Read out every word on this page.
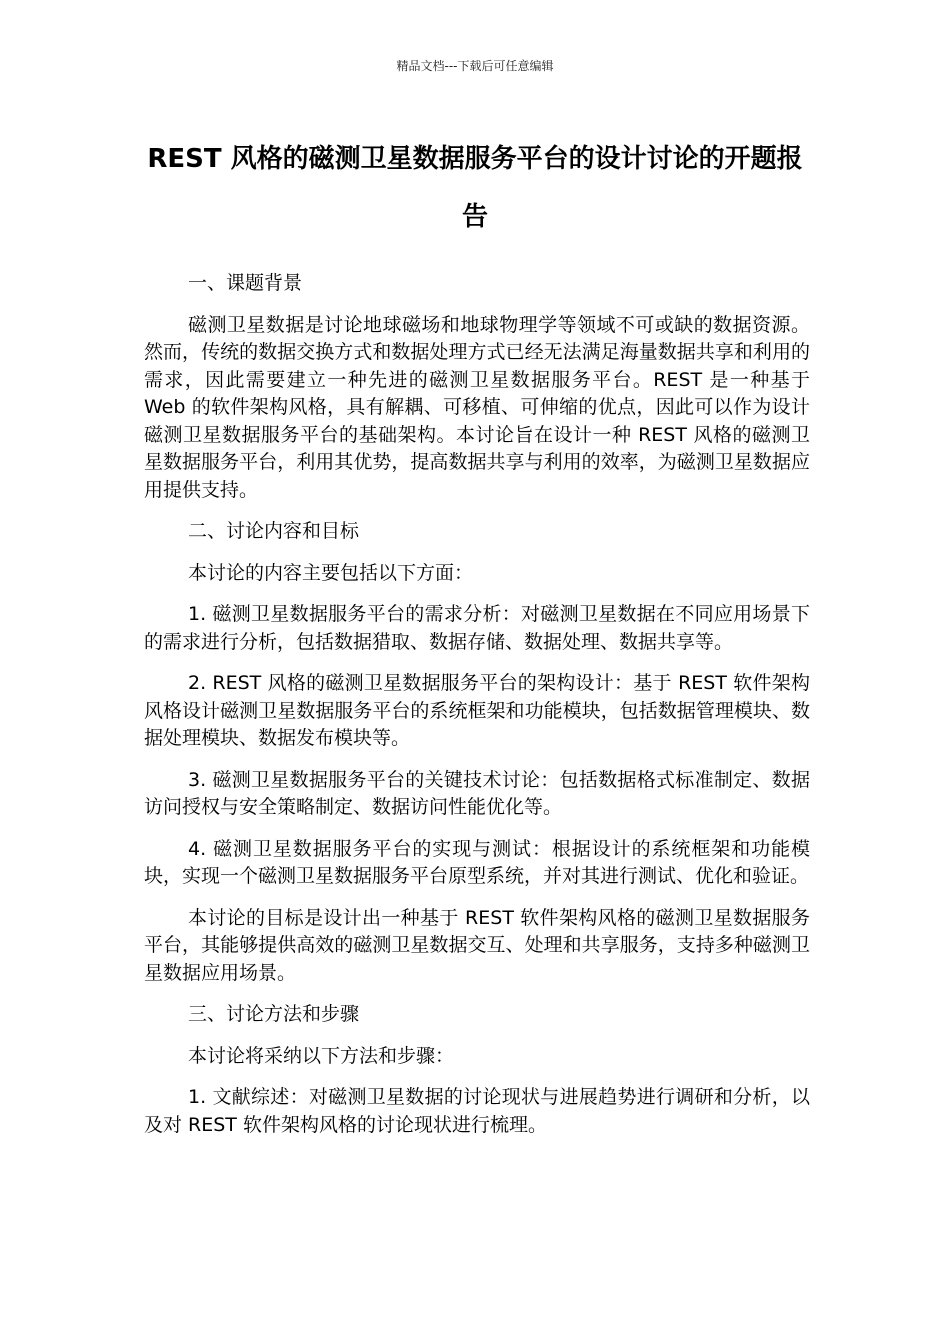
精品文档---下载后可任意编辑
REST 风格的磁测卫星数据服务平台的设计讨论的开题报告

一、课题背景

磁测卫星数据是讨论地球磁场和地球物理学等领域不可或缺的数据资源。然而，传统的数据交换方式和数据处理方式已经无法满足海量数据共享和利用的需求，因此需要建立一种先进的磁测卫星数据服务平台。REST 是一种基于 Web 的软件架构风格，具有解耦、可移植、可伸缩的优点，因此可以作为设计磁测卫星数据服务平台的基础架构。本讨论旨在设计一种 REST 风格的磁测卫星数据服务平台，利用其优势，提高数据共享与利用的效率，为磁测卫星数据应用提供支持。

二、讨论内容和目标

本讨论的内容主要包括以下方面：

1. 磁测卫星数据服务平台的需求分析：对磁测卫星数据在不同应用场景下的需求进行分析，包括数据猎取、数据存储、数据处理、数据共享等。

2. REST 风格的磁测卫星数据服务平台的架构设计：基于 REST 软件架构风格设计磁测卫星数据服务平台的系统框架和功能模块，包括数据管理模块、数据处理模块、数据发布模块等。

3. 磁测卫星数据服务平台的关键技术讨论：包括数据格式标准制定、数据访问授权与安全策略制定、数据访问性能优化等。

4. 磁测卫星数据服务平台的实现与测试：根据设计的系统框架和功能模块，实现一个磁测卫星数据服务平台原型系统，并对其进行测试、优化和验证。

本讨论的目标是设计出一种基于 REST 软件架构风格的磁测卫星数据服务平台，其能够提供高效的磁测卫星数据交互、处理和共享服务，支持多种磁测卫星数据应用场景。

三、讨论方法和步骤

本讨论将采纳以下方法和步骤：

1. 文献综述：对磁测卫星数据的讨论现状与进展趋势进行调研和分析，以及对 REST 软件架构风格的讨论现状进行梳理。
